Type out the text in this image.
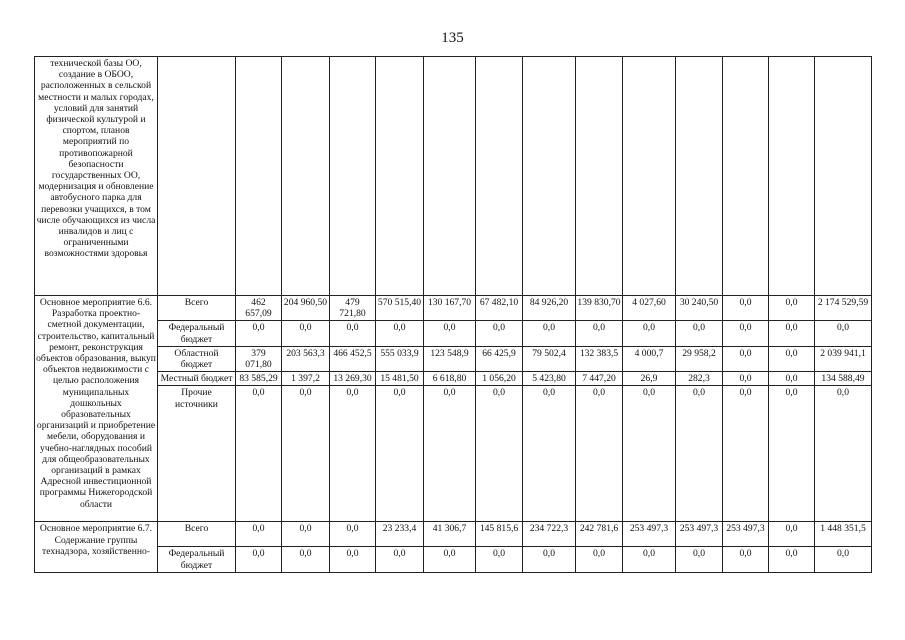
135
технической базы ОО, создание в ОБОО, расположенных в сельской местности и малых городах, условий для занятий физической культурой и спортом, планов мероприятий по противопожарной безопасности государственных ОО, модернизация и обновление автобусного парка для перевозки учащихся, в том числе обучающихся из числа инвалидов и лиц с ограниченными возможностями здоровья														
Основное мероприятие 6.6. Разработка проектно-сметной документации, строительство, капитальный ремонт, реконструкция объектов образования, выкуп объектов недвижимости с целью расположения муниципальных дошкольных образовательных организаций и приобретение мебели, оборудования и учебно-наглядных пособий для общеобразовательных организаций в рамках Адресной инвестиционной программы Нижегородской области	Всего	462 657,09	204 960,50	479 721,80	570 515,40	130 167,70	67 482,10	84 926,20	139 830,70	4 027,60	30 240,50	0,0	0,0	2 174 529,59
	Федеральный бюджет	0,0	0,0	0,0	0,0	0,0	0,0	0,0	0,0	0,0	0,0	0,0	0,0	0,0
	Областной бюджет	379 071,80	203 563,3	466 452,5	555 033,9	123 548,9	66 425,9	79 502,4	132 383,5	4 000,7	29 958,2	0,0	0,0	2 039 941,1
	Местный бюджет	83 585,29	1 397,2	13 269,30	15 481,50	6 618,80	1 056,20	5 423,80	7 447,20	26,9	282,3	0,0	0,0	134 588,49
	Прочие источники	0,0	0,0	0,0	0,0	0,0	0,0	0,0	0,0	0,0	0,0	0,0	0,0	0,0
Основное мероприятие 6.7. Содержание группы технадзора, хозяйственно-	Всего	0,0	0,0	0,0	23 233,4	41 306,7	145 815,6	234 722,3	242 781,6	253 497,3	253 497,3	253 497,3	0,0	1 448 351,5
	Федеральный бюджет	0,0	0,0	0,0	0,0	0,0	0,0	0,0	0,0	0,0	0,0	0,0	0,0	0,0
